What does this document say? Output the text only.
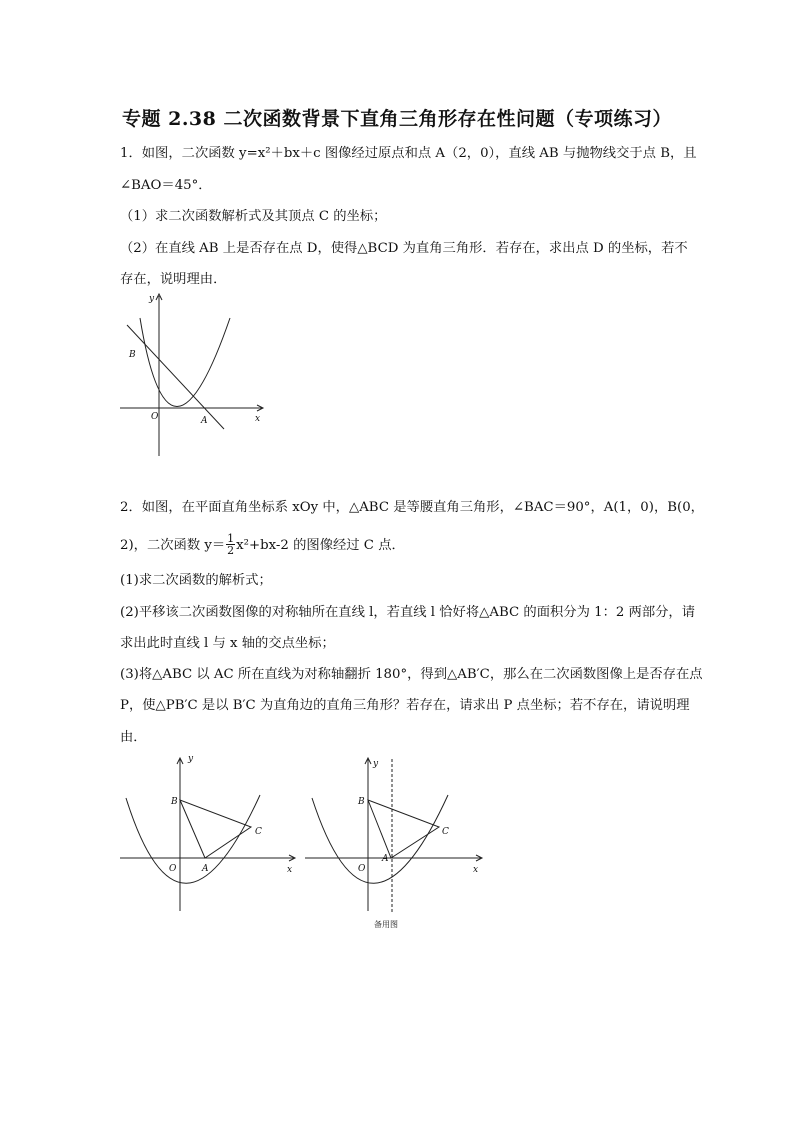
专题 2.38 二次函数背景下直角三角形存在性问题（专项练习）
1．如图，二次函数 y=x²＋bx＋c 图像经过原点和点 A（2，0），直线 AB 与抛物线交于点 B，且
∠BAO＝45°．
（1）求二次函数解析式及其顶点 C 的坐标；
（2）在直线 AB 上是否存在点 D，使得△BCD 为直角三角形．若存在，求出点 D 的坐标，若不
存在，说明理由．
y
x
O	A
B
2．如图，在平面直角坐标系 xOy 中，△ABC 是等腰直角三角形，∠BAC＝90°，A(1，0)，B(0，
2)，二次函数 $y= \frac{1}{2} x^2+bx-2$ 的图像经过 C 点．
(1)求二次函数的解析式；
(2)平移该二次函数图像的对称轴所在直线 l，若直线 l 恰好将△ABC 的面积分为 1：2 两部分，请
求出此时直线 l 与 x 轴的交点坐标；
(3)将△ABC 以 AC 所在直线为对称轴翻折 180°，得到△AB′C，那么在二次函数图像上是否存在点
P，使△PB′C 是以 B′C 为直角边的直角三角形？若存在，请求出 P 点坐标；若不存在，请说明理
由．
y
x
O	A
B
C
y
x
O
A
B
C
备用图
